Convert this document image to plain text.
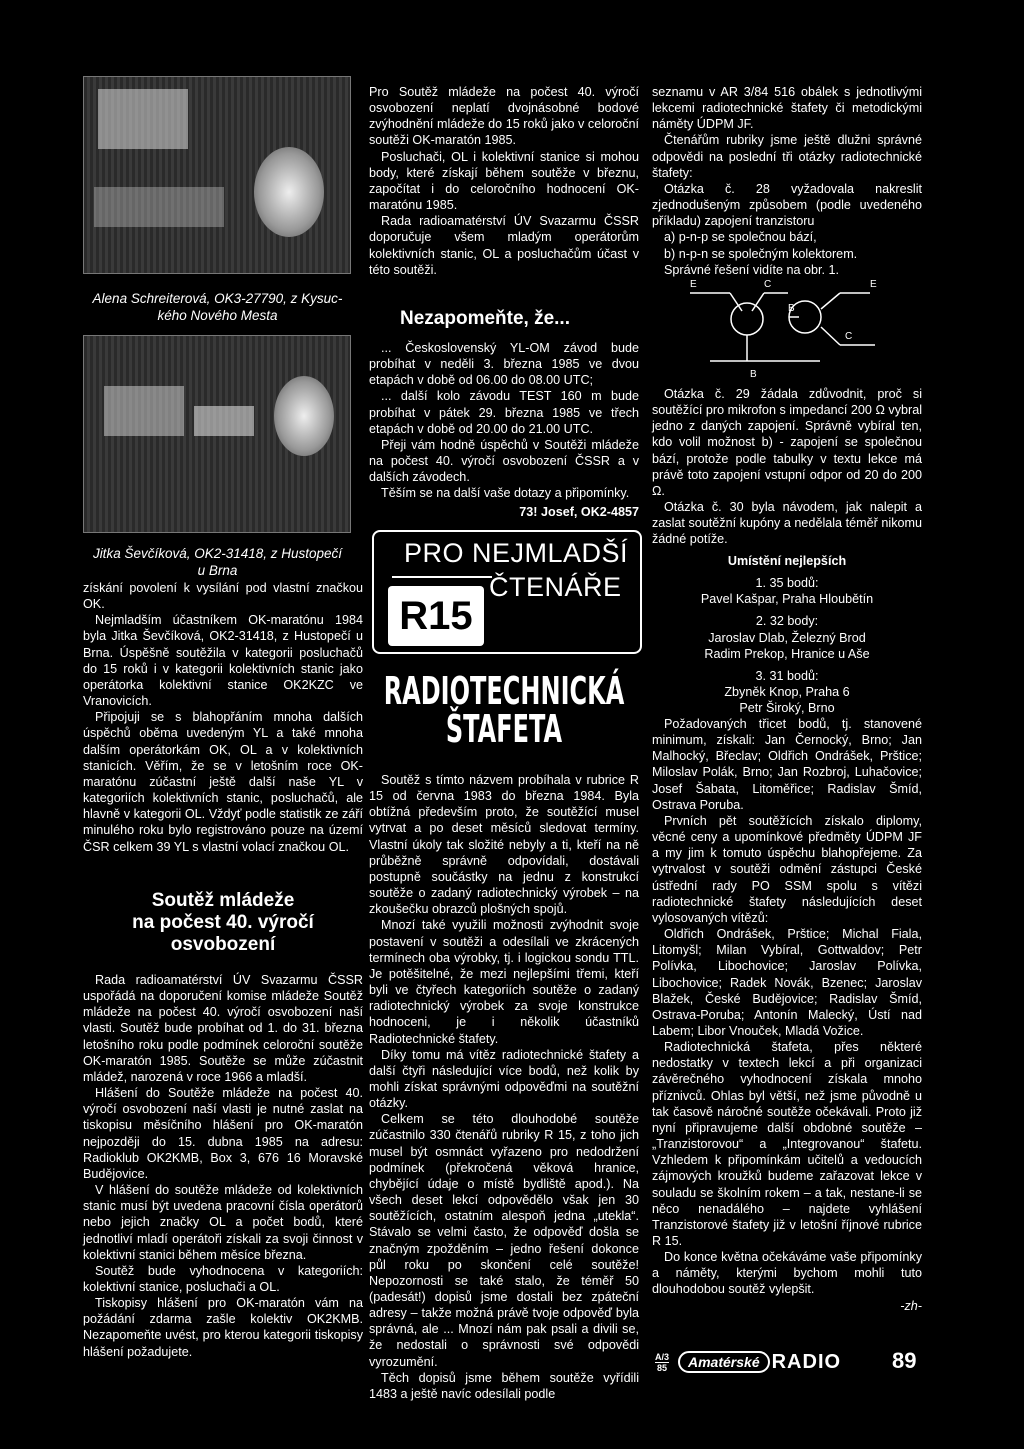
Alena Schreiterová, OK3-27790, z Kysuc-
kého Nového Mesta
Jitka Ševčíková, OK2-31418, z Hustopečí
u Brna

získání povolení k vysílání pod vlastní značkou OK.

Nejmladším účastníkem OK-maratónu 1984 byla Jitka Ševčíková, OK2-31418, z Hustopečí u Brna. Úspěšně soutěžila v kategorii posluchačů do 15 roků i v kategorii kolektivních stanic jako operátorka kolektivní stanice OK2KZC ve Vranovicích.

Připojuji se s blahopřáním mnoha dalších úspěchů oběma uvedeným YL a také mnoha dalším operátorkám OK, OL a v kolektivních stanicích. Věřím, že se v letošním roce OK-maratónu zúčastní ještě další naše YL v kategoriích kolektivních stanic, posluchačů, ale hlavně v kategorii OL. Vždyť podle statistik ze září minulého roku bylo registrováno pouze na území ČSR celkem 39 YL s vlastní volací značkou OL.

Soutěž mládeže
na počest 40. výročí
osvobození

Rada radioamatérství ÚV Svazarmu ČSSR uspořádá na doporučení komise mládeže Soutěž mládeže na počest 40. výročí osvobození naší vlasti. Soutěž bude probíhat od 1. do 31. března letošního roku podle podmínek celoroční soutěže OK-maratón 1985. Soutěže se může zúčastnit mládež, narozená v roce 1966 a mladší.

Hlášení do Soutěže mládeže na počest 40. výročí osvobození naší vlasti je nutné zaslat na tiskopisu měsíčního hlášení pro OK-maratón nejpozději do 15. dubna 1985 na adresu: Radioklub OK2KMB, Box 3, 676 16 Moravské Budějovice.

V hlášení do soutěže mládeže od kolektivních stanic musí být uvedena pracovní čísla operátorů nebo jejich značky OL a počet bodů, které jednotliví mladí operátoři získali za svoji činnost v kolektivní stanici během měsíce března.

Soutěž bude vyhodnocena v kategoriích: kolektivní stanice, posluchači a OL.

Tiskopisy hlášení pro OK-maratón vám na požádání zdarma zašle kolektiv OK2KMB. Nezapomeňte uvést, pro kterou kategorii tiskopisy hlášení požadujete.

Pro Soutěž mládeže na počest 40. výročí osvobození neplatí dvojnásobné bodové zvýhodnění mládeže do 15 roků jako v celoroční soutěži OK-maratón 1985.

Posluchači, OL i kolektivní stanice si mohou body, které získají během soutěže v březnu, započítat i do celoročního hodnocení OK-maratónu 1985.

Rada radioamatérství ÚV Svazarmu ČSSR doporučuje všem mladým operátorům kolektivních stanic, OL a posluchačům účast v této soutěži.

Nezapomeňte, že...

... Československý YL-OM závod bude probíhat v neděli 3. března 1985 ve dvou etapách v době od 06.00 do 08.00 UTC;

... další kolo závodu TEST 160 m bude probíhat v pátek 29. března 1985 ve třech etapách v době od 20.00 do 21.00 UTC.

Přeji vám hodně úspěchů v Soutěži mládeže na počest 40. výročí osvobození ČSSR a v dalších závodech.

Těším se na další vaše dotazy a připomínky.

73! Josef, OK2-4857
PRO NEJMLADŠÍ
ČTENÁŘE
R15
RADIOTECHNICKÁ
ŠTAFETA

Soutěž s tímto názvem probíhala v rubrice R 15 od června 1983 do března 1984. Byla obtížná především proto, že soutěžící musel vytrvat a po deset měsíců sledovat termíny. Vlastní úkoly tak složité nebyly a ti, kteří na ně průběžně správně odpovídali, dostávali postupně součástky na jednu z konstrukcí soutěže o zadaný radiotechnický výrobek – na zkoušečku obrazců plošných spojů.

Mnozí také využili možnosti zvýhodnit svoje postavení v soutěži a odesílali ve zkrácených termínech oba výrobky, tj. i logickou sondu TTL. Je potěšitelné, že mezi nejlepšími třemi, kteří byli ve čtyřech kategoriích soutěže o zadaný radiotechnický výrobek za svoje konstrukce hodnoceni, je i několik účastníků Radiotechnické štafety.

Díky tomu má vítěz radiotechnické štafety a další čtyři následující více bodů, než kolik by mohli získat správnými odpověďmi na soutěžní otázky.

Celkem se této dlouhodobé soutěže zúčastnilo 330 čtenářů rubriky R 15, z toho jich musel být osmnáct vyřazeno pro nedodržení podmínek (překročená věková hranice, chybějící údaje o místě bydliště apod.). Na všech deset lekcí odpovědělo však jen 30 soutěžících, ostatním alespoň jedna „utekla“. Stávalo se velmi často, že odpověď došla se značným zpožděním – jedno řešení dokonce půl roku po skončení celé soutěže! Nepozornosti se také stalo, že téměř 50 (padesát!) dopisů jsme dostali bez zpáteční adresy – takže možná právě tvoje odpověď byla správná, ale ... Mnozí nám pak psali a divili se, že nedostali o správnosti své odpovědi vyrozumění.

Těch dopisů jsme během soutěže vyřídili 1483 a ještě navíc odesílali podle

seznamu v AR 3/84 516 obálek s jednotlivými lekcemi radiotechnické štafety či metodickými náměty ÚDPM JF.

Čtenářům rubriky jsme ještě dlužni správné odpovědi na poslední tři otázky radiotechnické štafety:

Otázka č. 28 vyžadovala nakreslit zjednodušeným způsobem (podle uvedeného příkladu) zapojení tranzistoru

a) p-n-p se společnou bází,

b) n-p-n se společným kolektorem.

Správné řešení vidíte na obr. 1.

E	C
B
E
B
C

Otázka č. 29 žádala zdůvodnit, proč si soutěžící pro mikrofon s impedancí 200 Ω vybral jedno z daných zapojení. Správně vybíral ten, kdo volil možnost b) - zapojení se společnou bází, protože podle tabulky v textu lekce má právě toto zapojení vstupní odpor od 20 do 200 Ω.

Otázka č. 30 byla návodem, jak nalepit a zaslat soutěžní kupóny a nedělala téměř nikomu žádné potíže.

Umístění nejlepších
1. 35 bodů:
Pavel Kašpar, Praha Hloubětín
2. 32 body:
Jaroslav Dlab, Železný Brod
Radim Prekop, Hranice u Aše
3. 31 bodů:
Zbyněk Knop, Praha 6
Petr Široký, Brno

Požadovaných třicet bodů, tj. stanovené minimum, získali: Jan Černocký, Brno; Jan Malhocký, Břeclav; Oldřich Ondrášek, Prštice; Miloslav Polák, Brno; Jan Rozbroj, Luhačovice; Josef Šabata, Litoměřice; Radislav Šmíd, Ostrava Poruba.

Prvních pět soutěžících získalo diplomy, věcné ceny a upomínkové předměty ÚDPM JF a my jim k tomuto úspěchu blahopřejeme. Za vytrvalost v soutěži odmění zástupci České ústřední rady PO SSM spolu s vítězi radiotechnické štafety následujících deset vylosovaných vítězů:

Oldřich Ondrášek, Prštice; Michal Fiala, Litomyšl; Milan Vybíral, Gottwaldov; Petr Polívka, Libochovice; Jaroslav Polívka, Libochovice; Radek Novák, Bzenec; Jaroslav Blažek, České Budějovice; Radislav Šmíd, Ostrava-Poruba; Antonín Malecký, Ústí nad Labem; Libor Vnouček, Mladá Vožice.

Radiotechnická štafeta, přes některé nedostatky v textech lekcí a při organizaci závěrečného vyhodnocení získala mnoho příznivců. Ohlas byl větší, než jsme původně u tak časově náročné soutěže očekávali. Proto již nyní připravujeme další obdobné soutěže – „Tranzistorovou“ a „Integrovanou“ štafetu. Vzhledem k připomínkám učitelů a vedoucích zájmových kroužků budeme zařazovat lekce v souladu se školním rokem – a tak, nestane-li se něco nenadálého – najdete vyhlášení Tranzistorové štafety již v letošní říjnové rubrice R 15.

Do konce května očekáváme vaše připomínky a náměty, kterými bychom mohli tuto dlouhodobou soutěž vylepšit.

-zh-
A/3
85	Amatérské RADIO 89
